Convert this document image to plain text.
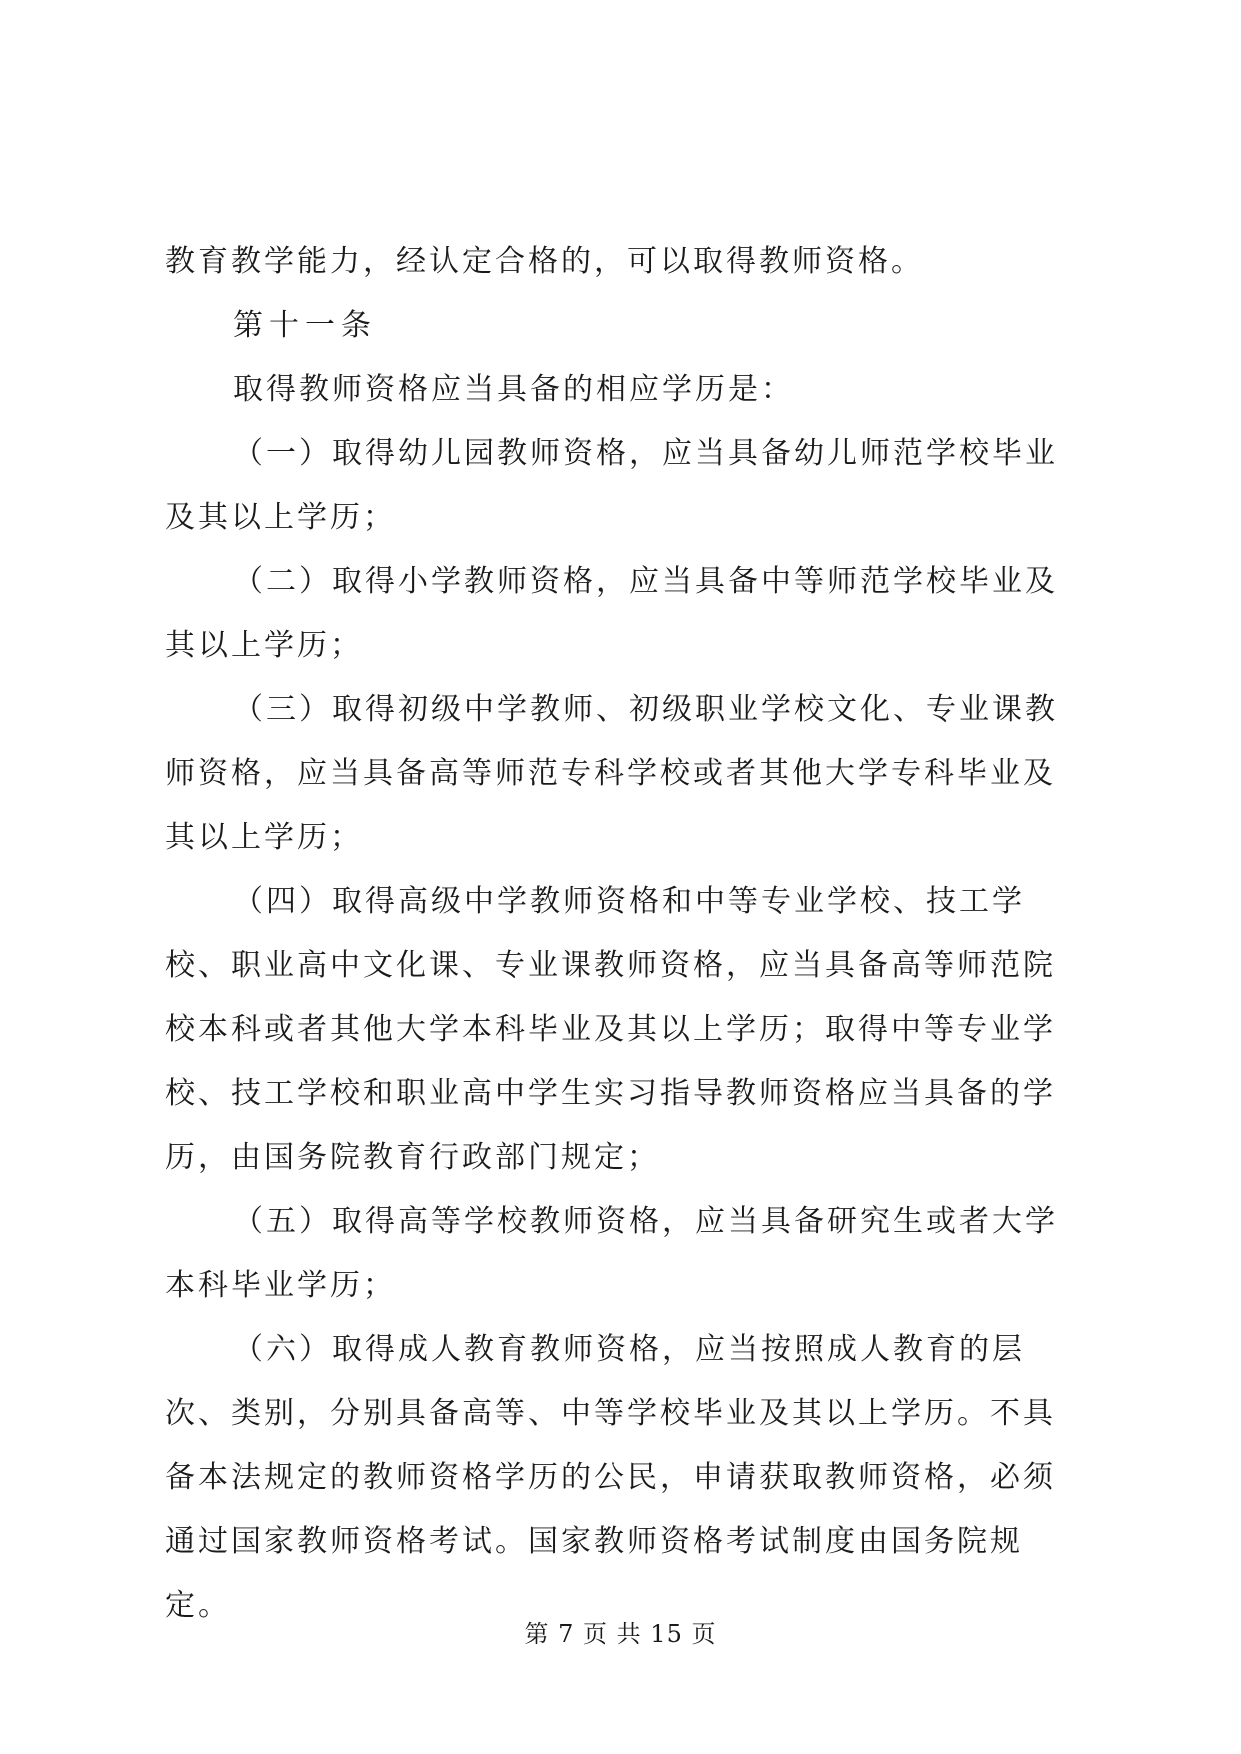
教育教学能力，经认定合格的，可以取得教师资格。

第十一条

取得教师资格应当具备的相应学历是：

（一）取得幼儿园教师资格，应当具备幼儿师范学校毕业及其以上学历；

（二）取得小学教师资格，应当具备中等师范学校毕业及其以上学历；

（三）取得初级中学教师、初级职业学校文化、专业课教师资格，应当具备高等师范专科学校或者其他大学专科毕业及其以上学历；

（四）取得高级中学教师资格和中等专业学校、技工学校、职业高中文化课、专业课教师资格，应当具备高等师范院校本科或者其他大学本科毕业及其以上学历；取得中等专业学校、技工学校和职业高中学生实习指导教师资格应当具备的学历，由国务院教育行政部门规定；

（五）取得高等学校教师资格，应当具备研究生或者大学本科毕业学历；

（六）取得成人教育教师资格，应当按照成人教育的层次、类别，分别具备高等、中等学校毕业及其以上学历。不具备本法规定的教师资格学历的公民，申请获取教师资格，必须通过国家教师资格考试。国家教师资格考试制度由国务院规定。

第 7 页 共 15 页
